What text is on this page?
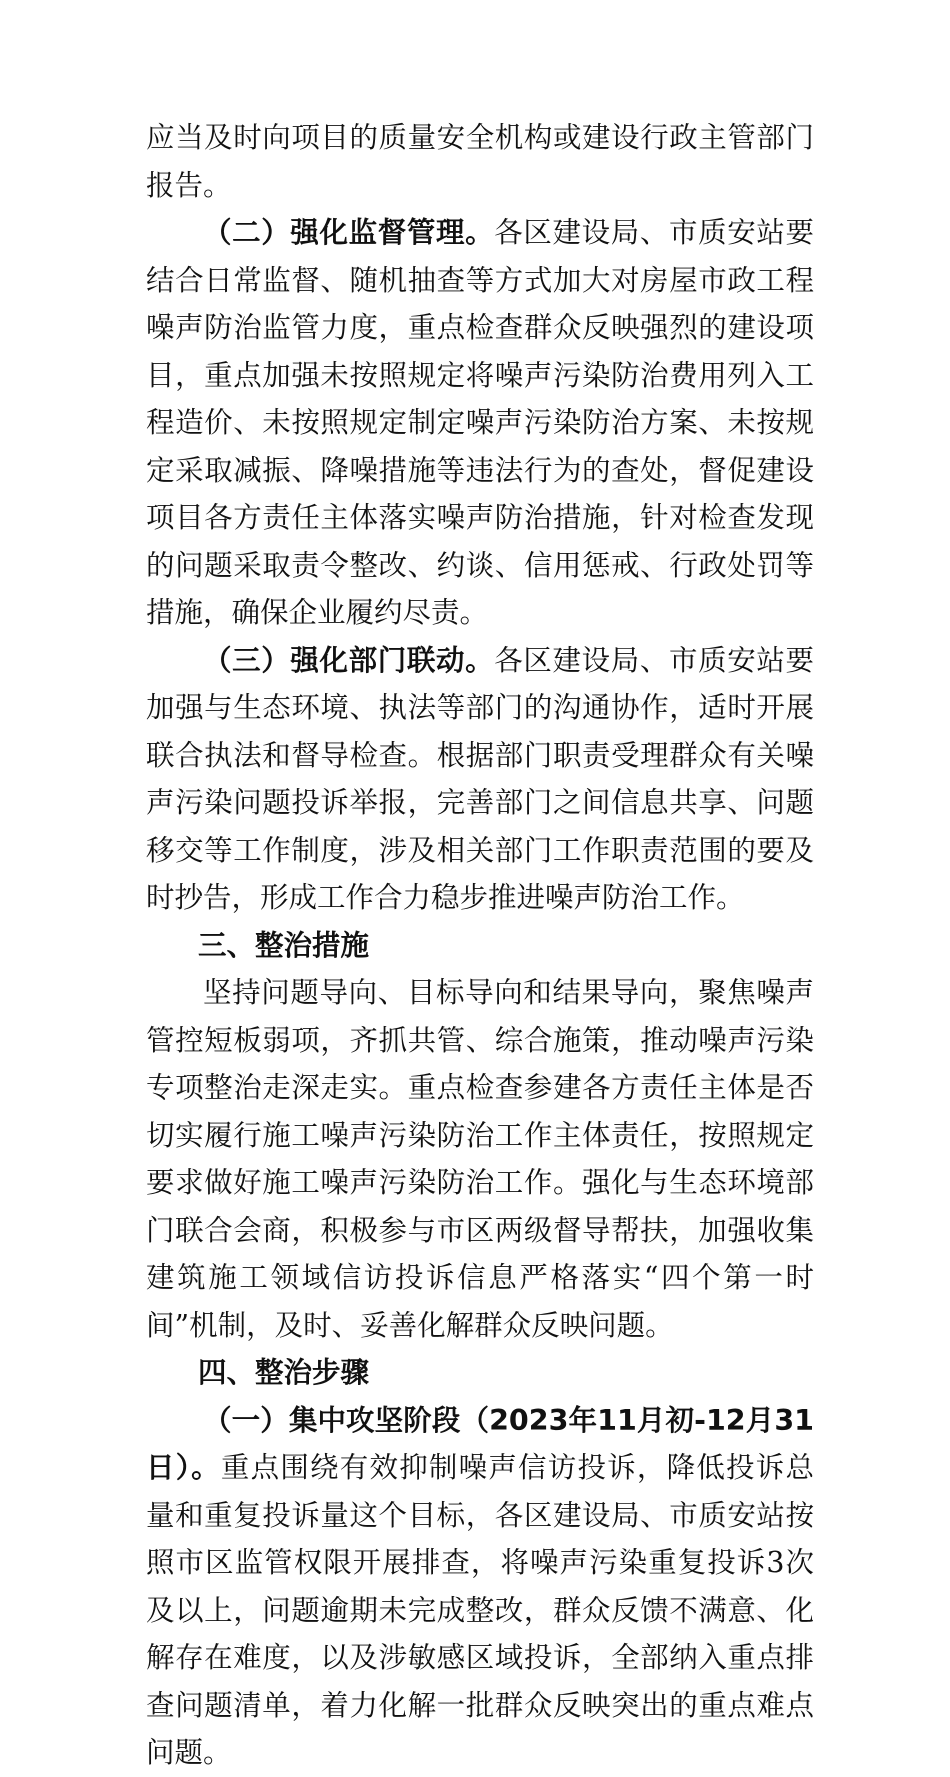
应当及时向项目的质量安全机构或建设行政主管部门报告。

（二）强化监督管理。各区建设局、市质安站要结合日常监督、随机抽查等方式加大对房屋市政工程噪声防治监管力度，重点检查群众反映强烈的建设项目，重点加强未按照规定将噪声污染防治费用列入工程造价、未按照规定制定噪声污染防治方案、未按规定采取减振、降噪措施等违法行为的查处，督促建设项目各方责任主体落实噪声防治措施，针对检查发现的问题采取责令整改、约谈、信用惩戒、行政处罚等措施，确保企业履约尽责。

（三）强化部门联动。各区建设局、市质安站要加强与生态环境、执法等部门的沟通协作，适时开展联合执法和督导检查。根据部门职责受理群众有关噪声污染问题投诉举报，完善部门之间信息共享、问题移交等工作制度，涉及相关部门工作职责范围的要及时抄告，形成工作合力稳步推进噪声防治工作。

三、整治措施

坚持问题导向、目标导向和结果导向，聚焦噪声管控短板弱项，齐抓共管、综合施策，推动噪声污染专项整治走深走实。重点检查参建各方责任主体是否切实履行施工噪声污染防治工作主体责任，按照规定要求做好施工噪声污染防治工作。强化与生态环境部门联合会商，积极参与市区两级督导帮扶，加强收集建筑施工领域信访投诉信息严格落实“四个第一时间”机制，及时、妥善化解群众反映问题。

四、整治步骤

（一）集中攻坚阶段（2023年11月初-12月31日）。重点围绕有效抑制噪声信访投诉，降低投诉总量和重复投诉量这个目标，各区建设局、市质安站按照市区监管权限开展排查，将噪声污染重复投诉3次及以上，问题逾期未完成整改，群众反馈不满意、化解存在难度，以及涉敏感区域投诉，全部纳入重点排查问题清单，着力化解一批群众反映突出的重点难点问题。
